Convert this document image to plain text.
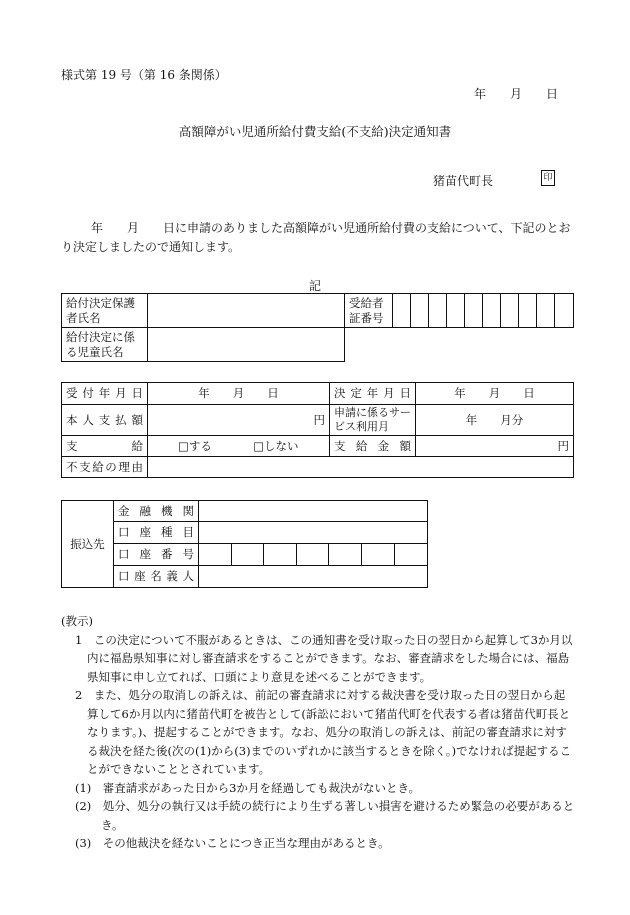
様式第 19 号（第 16 条関係）
年　　月　　日
高額障がい児通所給付費支給(不支給)決定通知書
猪苗代町長	印
年　　月　　日に申請のありました高額障がい児通所給付費の支給について、下記のとおり決定しましたので通知します。
記
給付決定保護者氏名		受給者証番号										
給付決定に係る児童氏名												
受付年月日	年　　月　　日	決定年月日	年　　月　　日
本人支払額	円	申請に係るサービス利用月	年　　月分
支給	□する □しない	支給金額	円
不支給の理由			
振込先	金融機関							
	口座種目							
	口座番号							
	口座名義人							
(教示)
1　この決定について不服があるときは、この通知書を受け取った日の翌日から起算して3か月以内に福島県知事に対し審査請求をすることができます。なお、審査請求をした場合には、福島県知事に申し立てれば、口頭により意見を述べることができます。
2　また、処分の取消しの訴えは、前記の審査請求に対する裁決書を受け取った日の翌日から起算して6か月以内に猪苗代町を被告として(訴訟において猪苗代町を代表する者は猪苗代町長となります。)、提起することができます。なお、処分の取消しの訴えは、前記の審査請求に対する裁決を経た後(次の(1)から(3)までのいずれかに該当するときを除く。)でなければ提起することができないこととされています。
(1)　審査請求があった日から3か月を経過しても裁決がないとき。
(2)　処分、処分の執行又は手続の続行により生ずる著しい損害を避けるため緊急の必要があるとき。
(3)　その他裁決を経ないことにつき正当な理由があるとき。
